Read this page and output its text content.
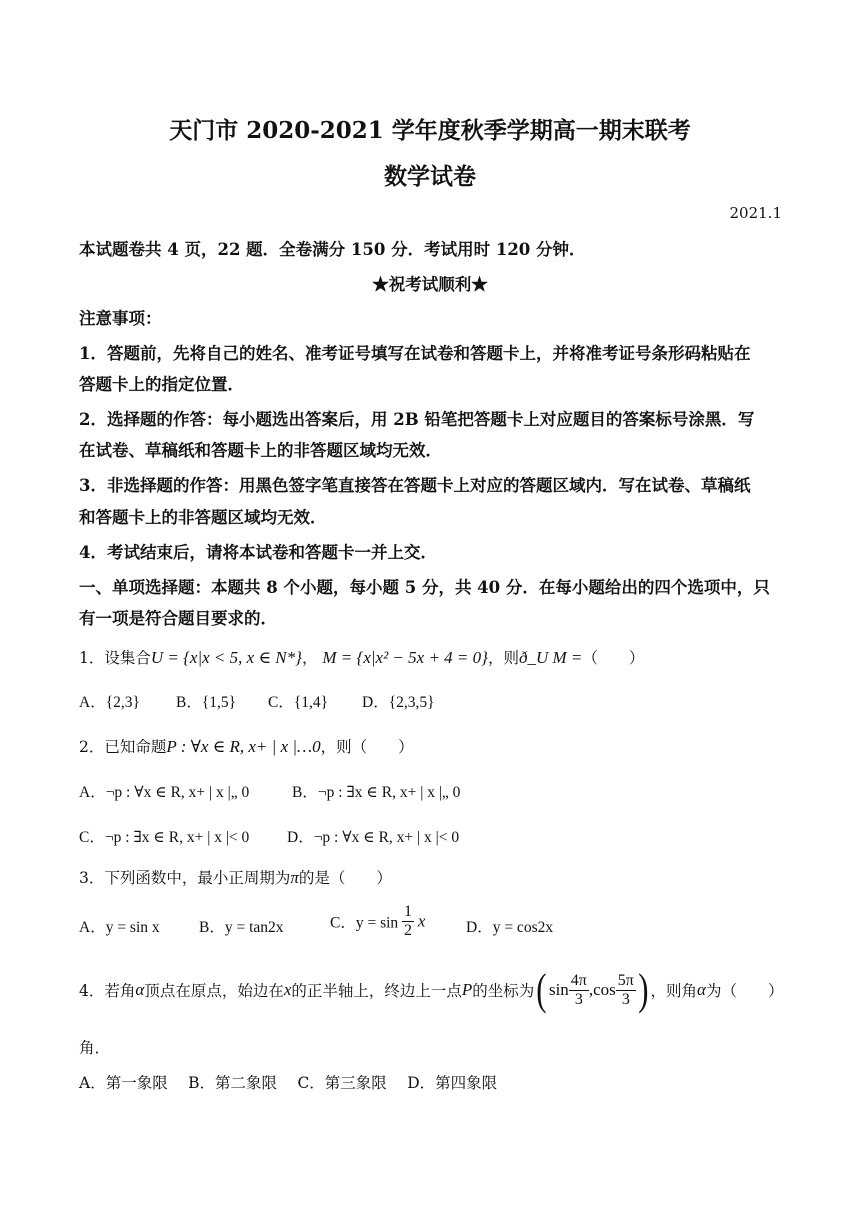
天门市 2020-2021 学年度秋季学期高一期末联考
数学试卷
2021.1
本试题卷共 4 页，22 题．全卷满分 150 分．考试用时 120 分钟．
★祝考试顺利★
注意事项：
1．答题前，先将自己的姓名、准考证号填写在试卷和答题卡上，并将准考证号条形码粘贴在
答题卡上的指定位置．
2．选择题的作答：每小题选出答案后，用 2B 铅笔把答题卡上对应题目的答案标号涂黑．写
在试卷、草稿纸和答题卡上的非答题区域均无效．
3．非选择题的作答：用黑色签字笔直接答在答题卡上对应的答题区域内．写在试卷、草稿纸
和答题卡上的非答题区域均无效．
4．考试结束后，请将本试卷和答题卡一并上交．
一、单项选择题：本题共 8 个小题，每小题 5 分，共 40 分．在每小题给出的四个选项中，只
有一项是符合题目要求的．
1．设集合U = {x|x < 5, x ∈ N*}， M = {x|x² − 5x + 4 = 0}，则ð_U M =（　　）
A．{2,3} B．{1,5} C．{1,4} D．{2,3,5}
2．已知命题P : ∀x ∈ R, x+ | x |…0，则（　　）
A．¬p : ∀x ∈ R, x+ | x |„ 0	B．¬p : ∃x ∈ R, x+ | x |„ 0
C．¬p : ∃x ∈ R, x+ | x |< 0 D．¬p : ∀x ∈ R, x+ | x |< 0
3．下列函数中，最小正周期为π的是（　　）
A．y = sin x	B．y = tan2x	C．$y = \sin \frac{1}{2}$ x	D．y = cos2x
4．若角α顶点在原点，始边在x的正半轴上，终边上一点P的坐标为( $\sin \frac{4\pi}{3} ,\cos \frac{5\pi}{3}$ ) ，则角α为（　　）
角．
A．第一象限　 B．第二象限　 C．第三象限　 D．第四象限
